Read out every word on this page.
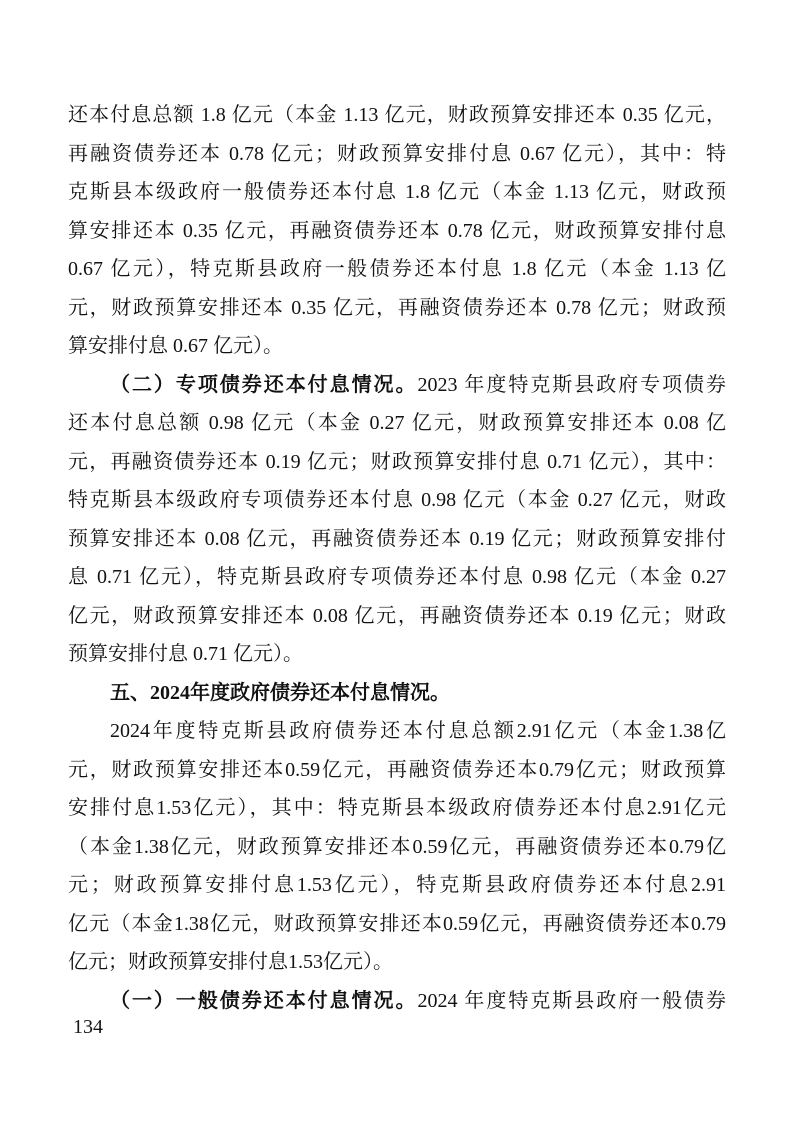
还本付息总额 1.8 亿元（本金 1.13 亿元，财政预算安排还本 0.35 亿元，
再融资债券还本 0.78 亿元；财政预算安排付息 0.67 亿元），其中：特
克斯县本级政府一般债券还本付息 1.8 亿元（本金 1.13 亿元，财政预
算安排还本 0.35 亿元，再融资债券还本 0.78 亿元，财政预算安排付息
0.67 亿元），特克斯县政府一般债券还本付息 1.8 亿元（本金 1.13 亿
元，财政预算安排还本 0.35 亿元，再融资债券还本 0.78 亿元；财政预
算安排付息 0.67 亿元）。
（二）专项债券还本付息情况。2023 年度特克斯县政府专项债券
还本付息总额 0.98 亿元（本金 0.27 亿元，财政预算安排还本 0.08 亿
元，再融资债券还本 0.19 亿元；财政预算安排付息 0.71 亿元），其中：
特克斯县本级政府专项债券还本付息 0.98 亿元（本金 0.27 亿元，财政
预算安排还本 0.08 亿元，再融资债券还本 0.19 亿元；财政预算安排付
息 0.71 亿元），特克斯县政府专项债券还本付息 0.98 亿元（本金 0.27
亿元，财政预算安排还本 0.08 亿元，再融资债券还本 0.19 亿元；财政
预算安排付息 0.71 亿元）。
五、2024年度政府债券还本付息情况。
2024年度特克斯县政府债券还本付息总额2.91亿元（本金1.38亿
元，财政预算安排还本0.59亿元，再融资债券还本0.79亿元；财政预算
安排付息1.53亿元），其中：特克斯县本级政府债券还本付息2.91亿元
（本金1.38亿元，财政预算安排还本0.59亿元，再融资债券还本0.79亿
元；财政预算安排付息1.53亿元），特克斯县政府债券还本付息2.91
亿元（本金1.38亿元，财政预算安排还本0.59亿元，再融资债券还本0.79
亿元；财政预算安排付息1.53亿元）。
（一）一般债券还本付息情况。2024 年度特克斯县政府一般债券
134
